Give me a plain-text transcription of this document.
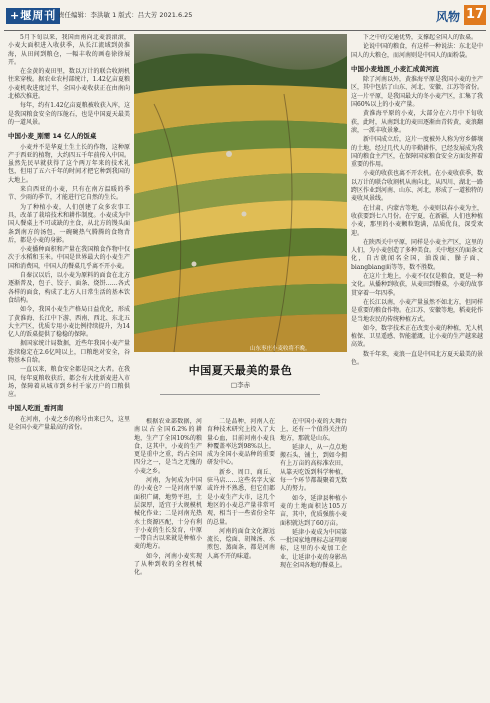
+堰周刊 责任编辑：李洪敏 1 版式：吕大芳 2021.6.25	风物 17

5月下旬以来，我国由南向北麦浪滚滚，小麦大面积进入收获季，从长江流域到黄淮海，从田间到粮仓，一幅丰收的画卷徐徐展开。

在金黄的麦田里，数以万计的联合收割机往来穿梭。据农业农村部统计，1.42亿亩夏粮小麦机收进度过半，全国小麦收获正在由南向北梯次推进。

每年，约有1.42亿亩夏粮被收获入库，这是我国粮食安全的压舱石，也是中国夏天最美的一道风景。

中国小麦_刚需 14 亿人的饭桌

小麦并不是华夏土生土长的作物，这种原产于西亚的植物，大约四五千年前传入中国。虽然先民早就获得了这个两万年来的技术礼包，但用了五六千年的时间才把它种到我国的大地上。

来自西亚的小麦，只有在南方温暖的季节、少雨的季节，才能进行它自然的生长。

为了种植小麦，人们创建了众多农事工具，改革了栽培技术和耕作制度。小麦成为中国人餐桌上不可或缺的主食，从北方的馒头面条到南方的汤包，一碗碗热气腾腾的食物背后，都是小麦的身影。

小麦播种面积和产量在我国粮食作物中仅次于水稻和玉米。中国是世界最大的小麦生产国和消费国，中国人的餐桌几乎离不开小麦。

自秦汉以后，以小麦为原料的面食在北方逐渐普及，包子、饺子、面条、烧饼……各式各样的面食，构成了北方人日常生活的基本饮食结构。

如今，我国小麦生产格局日益优化，形成了黄淮海、长江中下游、西南、西北、东北五大主产区，优质专用小麦比例持续提升，为14亿人的饭桌提供了稳稳的保障。

据国家统计局数据，近些年我国小麦产量连续稳定在2.6亿吨以上，口粮绝对安全，谷物基本自给。

一直以来，粮食安全都是国之大者。在我国，每年夏粮收获后，都会有大批新麦进入市场，保障着从城市到乡村千家万户的口粮供应。

中国人吃面_看河南

在河南，小麦之乡的称号由来已久，这里是全国小麦产量最高的省份。

山东枣庄小麦收将不晚。
中国夏天最美的景色
□李赤

根据农业部数据，河南以占全国6.2%的耕地，生产了全国10%的粮食，这其中，小麦的生产更是重中之重，约占全国四分之一，是当之无愧的小麦之乡。

河南，为何成为中国的小麦仓？一是河南平原面积广阔，地势平坦，土层深厚，适宜于大规模机械化作业；二是河南光热水土资源匹配，十分有利于小麦的生长发育，中原一带自古以来就是种植小麦的地方。

如今，河南小麦实现了从种到收的全程机械化。

二是品种，河南人在育种技术研究上投入了大量心血，目前河南小麦良种覆盖率达到98%以上，成为全国小麦品种的重要研发中心。

新乡、周口、商丘、驻马店……这些名字大家或许并不熟悉，但它们都是小麦生产大市，这几个地区的小麦总产量非常可观，相当于一些省份全年的总量。

河南的面食文化源远流长，烩面、胡辣汤、水煎包、蒸面条，都是河南人离不开的味道。

在中国小麦的大舞台上，还有一个值得关注的地方，那就是山东。

延津人，从一点点地搬石头、铺土，到如今拥有上万亩的高标准农田，从靠天吃饭到科学种植，每一个环节都凝聚着无数人的努力。

如今，延津县种植小麦的土地面积达105万亩，其中，优质强筋小麦面积就达到了60万亩。

延津小麦成为中国第一批国家地理标志证明商标，这里的小麦加工企业，让延津小麦的身影出现在全国各地的餐桌上。

下之中的交通优势，支撑起全国人的饭桌。

论说中国的粮食，有这样一种说法：东北是中国人的大粮仓，而河南则是中国人的面粉袋。

中国小麦地图_小麦汇成黄河流

除了河南以外，黄淮海平原是我国小麦的主产区，其中包括了山东、河北、安徽、江苏等省份。这一片平原，是我国最大的冬小麦产区，汇集了我国60%以上的小麦产量。

黄淮海平原的小麦，大部分在六月中下旬收获，此时，从南到北的麦田逐渐由青转黄，麦浪翻滚，一派丰收景象。

新中国成立后，这片一度被外人称为穷乡僻壤的土地，经过几代人的辛勤耕作，已经发展成为我国的粮食主产区，在保障国家粮食安全方面发挥着重要的作用。

小麦的收获也离不开农机。在小麦收获季，数以万计的联合收割机从南向北，从四川、湖北一路跨区作业到河南、山东、河北，形成了一道独特的麦收风景线。

在甘肃、内蒙古等地，小麦则以春小麦为主，收获要到七八月份。在宁夏，在新疆，人们也种植小麦，那里的小麦颗粒饱满，品质优良，深受欢迎。

在陕西关中平原，同样是小麦主产区，这里的人们，为小麦创造了多种美食。关中地区的面条文化，自古就闻名全国，油泼面、臊子面、biangbiang面等等，数不胜数。

在这片土地上，小麦不仅仅是粮食，更是一种文化。从播种到收获，从麦田到餐桌，小麦的故事贯穿着一年四季。

在长江以南，小麦产量虽然不如北方，但同样是重要的粮食作物。在江苏、安徽等地，稻麦轮作是当地农民的传统种植方式。

如今，数字技术正在改变小麦的种植，无人机植保、卫星遥感、智能灌溉，让小麦的生产越来越高效。

数千年来，麦浪一直是中国北方夏天最美的景色。
